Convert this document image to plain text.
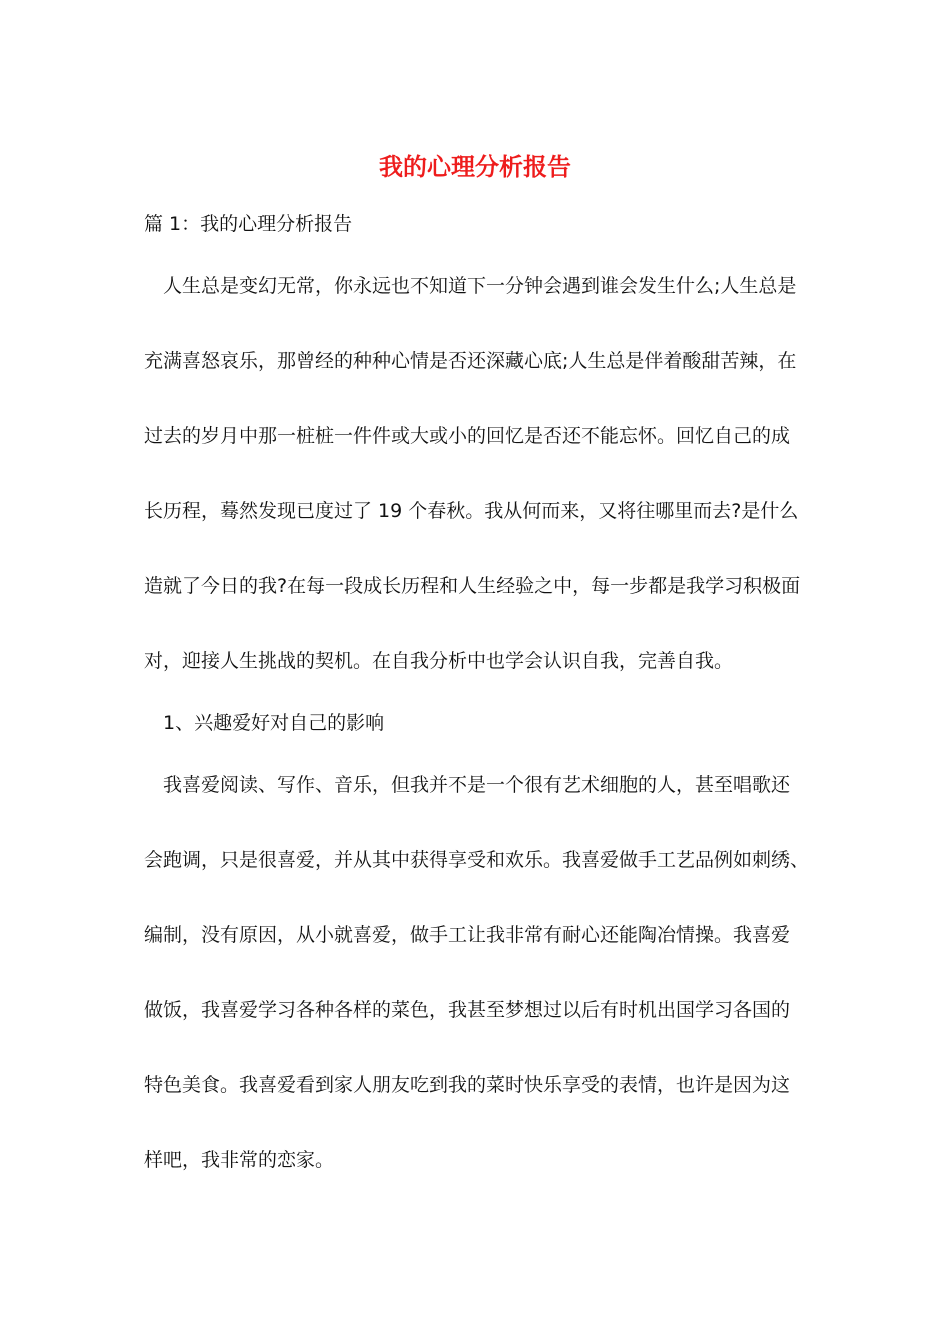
我的心理分析报告

篇 1：我的心理分析报告

人生总是变幻无常，你永远也不知道下一分钟会遇到谁会发生什么;人生总是

充满喜怒哀乐，那曾经的种种心情是否还深藏心底;人生总是伴着酸甜苦辣，在

过去的岁月中那一桩桩一件件或大或小的回忆是否还不能忘怀。回忆自己的成

长历程，蓦然发现已度过了 19 个春秋。我从何而来，又将往哪里而去?是什么

造就了今日的我?在每一段成长历程和人生经验之中，每一步都是我学习积极面

对，迎接人生挑战的契机。在自我分析中也学会认识自我，完善自我。

1、兴趣爱好对自己的影响

我喜爱阅读、写作、音乐，但我并不是一个很有艺术细胞的人，甚至唱歌还

会跑调，只是很喜爱，并从其中获得享受和欢乐。我喜爱做手工艺品例如刺绣、

编制，没有原因，从小就喜爱，做手工让我非常有耐心还能陶冶情操。我喜爱

做饭，我喜爱学习各种各样的菜色，我甚至梦想过以后有时机出国学习各国的

特色美食。我喜爱看到家人朋友吃到我的菜时快乐享受的表情，也许是因为这

样吧，我非常的恋家。
